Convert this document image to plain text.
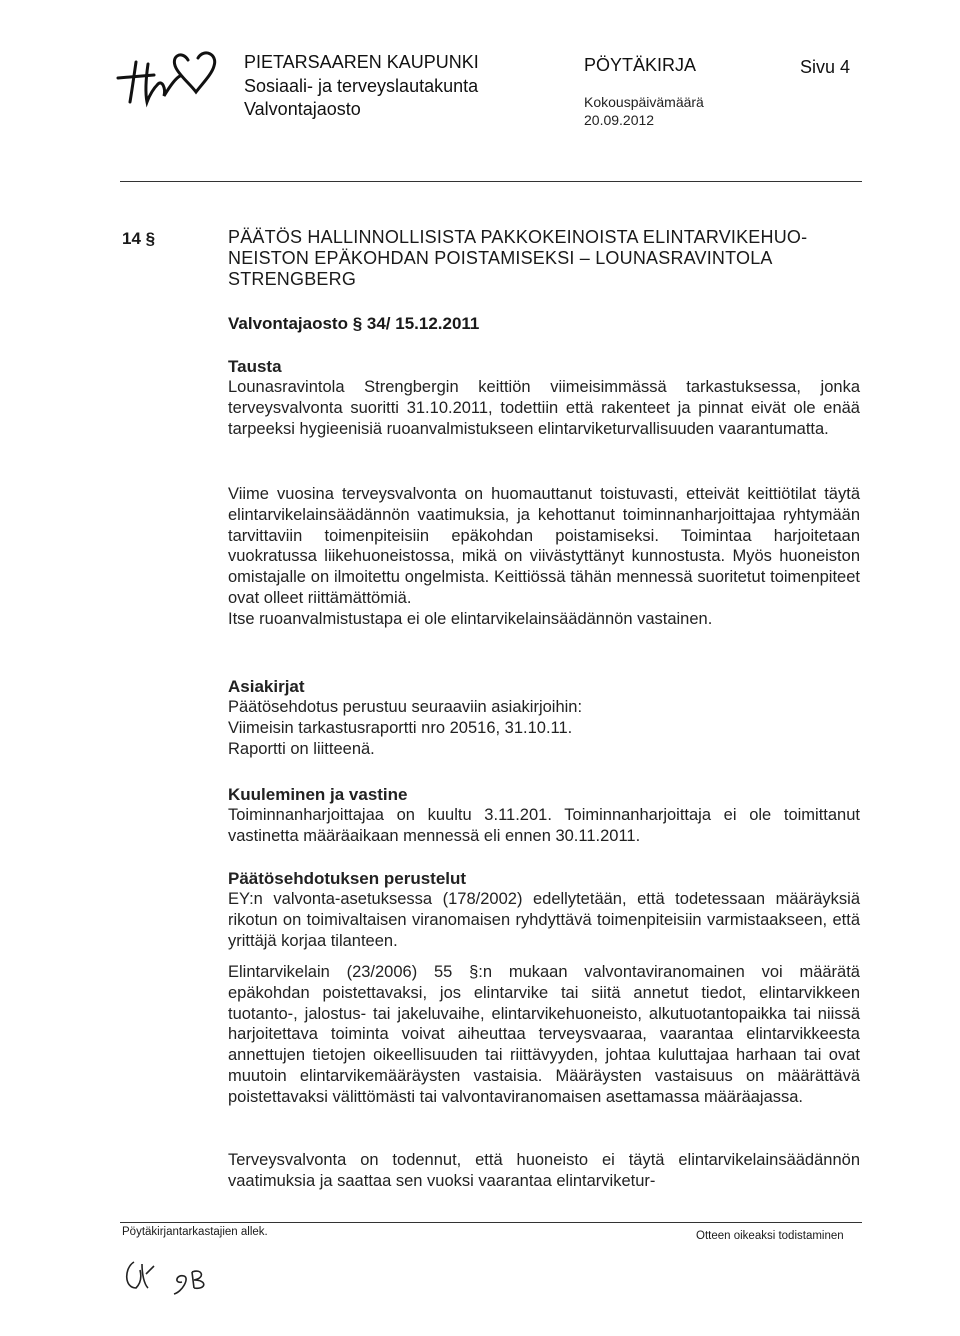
PIETARSAAREN KAUPUNKI
Sosiaali- ja terveyslautakunta
Valvontajaosto
PÖYTÄKIRJA
Kokouspäivämäärä
20.09.2012
Sivu 4
14 §	PÄÄTÖS HALLINNOLLISISTA PAKKOKEINOISTA ELINTARVIKEHUONEISTON EPÄKOHDAN POISTAMISEKSI – LOUNASRAVINTOLA STRENGBERG
Valvontajaosto § 34/ 15.12.2011

Tausta

Lounasravintola Strengbergin keittiön viimeisimmässä tarkastuksessa, jonka terveysvalvonta suoritti 31.10.2011, todettiin että rakenteet ja pinnat eivät ole enää tarpeeksi hygieenisiä ruoanvalmistukseen elintarviketurvallisuuden vaarantumatta.

Viime vuosina terveysvalvonta on huomauttanut toistuvasti, etteivät keittiötilat täytä elintarvikelainsäädännön vaatimuksia, ja kehottanut toiminnanharjoittajaa ryhtymään tarvittaviin toimenpiteisiin epäkohdan poistamiseksi. Toimintaa harjoitetaan vuokratussa liikehuoneistossa, mikä on viivästyttänyt kunnostusta. Myös huoneiston omistajalle on ilmoitettu ongelmista. Keittiössä tähän mennessä suoritetut toimenpiteet ovat olleet riittämättömiä.

Itse ruoanvalmistustapa ei ole elintarvikelainsäädännön vastainen.

Asiakirjat

Päätösehdotus perustuu seuraaviin asiakirjoihin:

Viimeisin tarkastusraportti nro 20516, 31.10.11.

Raportti on liitteenä.

Kuuleminen ja vastine

Toiminnanharjoittajaa on kuultu 3.11.201. Toiminnanharjoittaja ei ole toimittanut vastinetta määräaikaan mennessä eli ennen 30.11.2011.

Päätösehdotuksen perustelut

EY:n valvonta-asetuksessa (178/2002) edellytetään, että todetessaan määräyksiä rikotun on toimivaltaisen viranomaisen ryhdyttävä toimenpiteisiin varmistaakseen, että yrittäjä korjaa tilanteen.

Elintarvikelain (23/2006) 55 §:n mukaan valvontaviranomainen voi määrätä epäkohdan poistettavaksi, jos elintarvike tai siitä annetut tiedot, elintarvikkeen tuotanto-, jalostus- tai jakeluvaihe, elintarvikehuoneisto, alkutuotantopaikka tai niissä harjoitettava toiminta voivat aiheuttaa terveysvaaraa, vaarantaa elintarvikkeesta annettujen tietojen oikeellisuuden tai riittävyyden, johtaa kuluttajaa harhaan tai ovat muutoin elintarvikemääräysten vastaisia. Määräysten vastaisuus on määrättävä poistettavaksi välittömästi tai valvontaviranomaisen asettamassa määräajassa.

Terveysvalvonta on todennut, että huoneisto ei täytä elintarvikelainsäädännön vaatimuksia ja saattaa sen vuoksi vaarantaa elintarviketur-

Pöytäkirjantarkastajien allek.	Otteen oikeaksi todistaminen
